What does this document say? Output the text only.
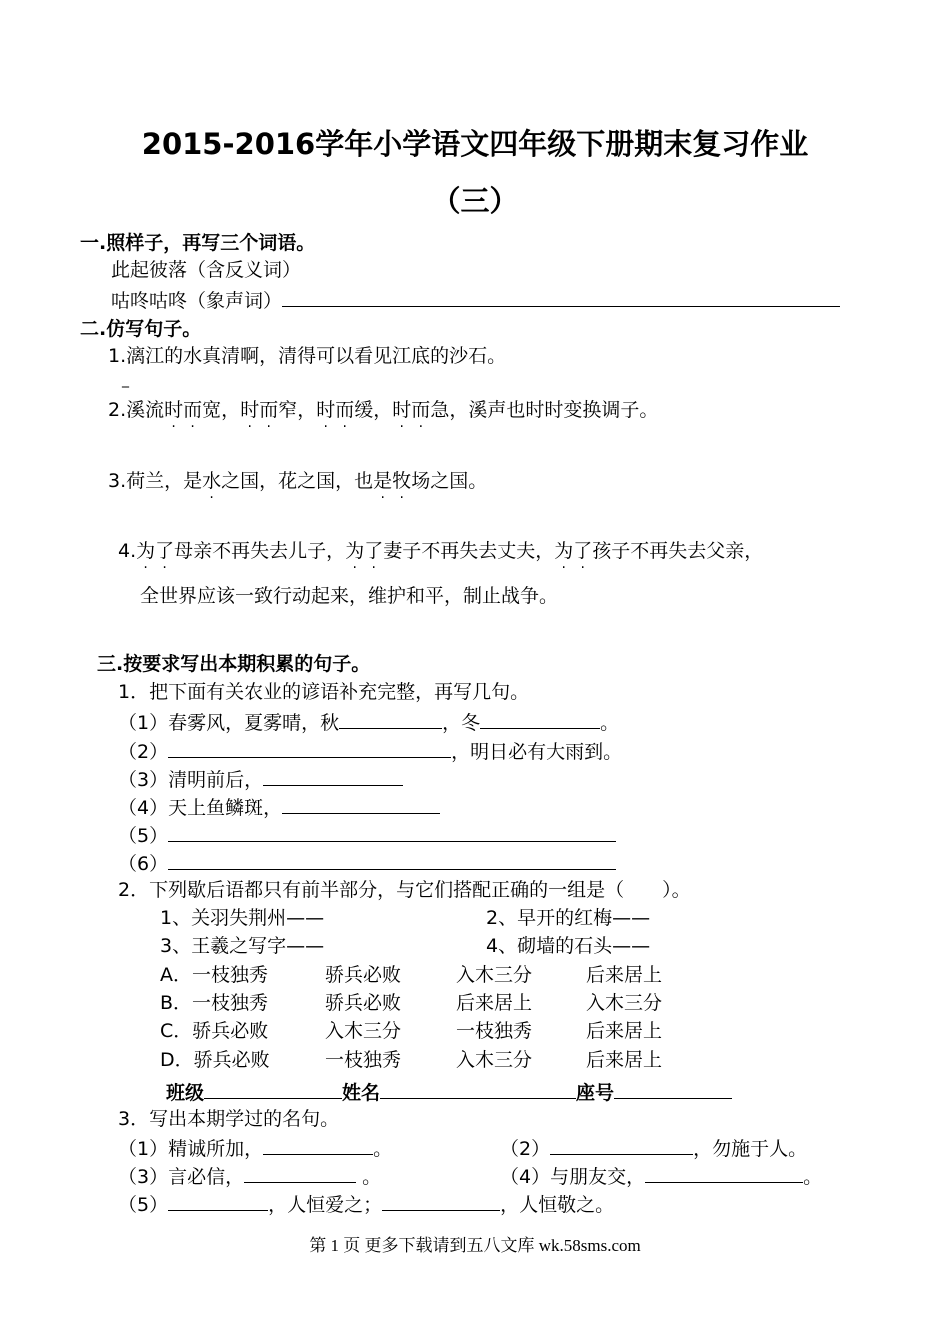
2015-2016学年小学语文四年级下册期末复习作业
（三）
一.照样子，再写三个词语。
此起彼落（含反义词）
咕咚咕咚（象声词）
二.仿写句子。
1.漓江的水真清啊，清得可以看见江底的沙石。
_
2.溪流时而宽，时而窄，时而缓，时而急，溪声也时时变换调子。
3.荷兰，是水之国，花之国，也是牧场之国。
4.为了母亲不再失去儿子，为了妻子不再失去丈夫，为了孩子不再失去父亲，
全世界应该一致行动起来，维护和平，制止战争。
三.按要求写出本期积累的句子。
1．把下面有关农业的谚语补充完整，再写几句。
（1）春雾风，夏雾晴，秋	，冬	。
（2）	，明日必有大雨到。
（3）清明前后，
（4）天上鱼鳞斑，
（5）
（6）
2．下列歇后语都只有前半部分，与它们搭配正确的一组是（　　）。
1、关羽失荆州——	2、早开的红梅——
3、王羲之写字——	4、砌墙的石头——
A．一枝独秀	骄兵必败	入木三分	后来居上
B．一枝独秀	骄兵必败	后来居上	入木三分
C．骄兵必败	入木三分	一枝独秀	后来居上
D．骄兵必败	一枝独秀	入木三分	后来居上
班级	姓名	座号
3．写出本期学过的名句。
（1）精诚所加，	。	（2）	，勿施于人。
（3）言必信，	。	（4）与朋友交，	。
（5）	，人恒爱之；	，人恒敬之。
第 1 页 更多下载请到五八文库 wk.58sms.com
